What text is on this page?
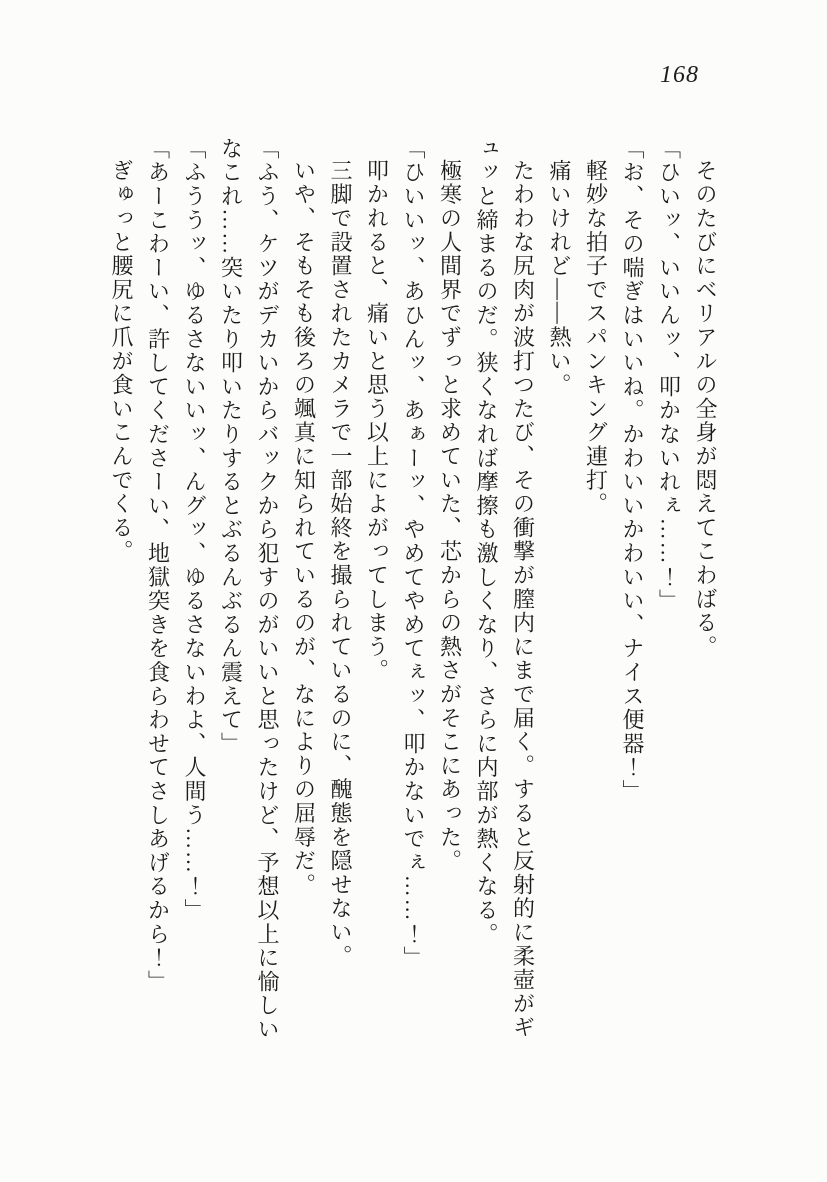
168

そのたびにベリアルの全身が悶えてこわばる。

「ひいッ、いいんッ、叩かないれぇ……！」

「お、その喘ぎはいいね。かわいいかわいい、ナイス便器！」

軽妙な拍子でスパンキング連打。

痛いけれど――熱い。

たわわな尻肉が波打つたび、その衝撃が膣内にまで届く。すると反射的に柔壺がギュッと締まるのだ。狭くなれば摩擦も激しくなり、さらに内部が熱くなる。

極寒の人間界でずっと求めていた、芯からの熱さがそこにあった。

「ひいいッ、あひんッ、あぁーッ、やめてやめてぇッ、叩かないでぇ……！」

叩かれると、痛いと思う以上によがってしまう。

三脚で設置されたカメラで一部始終を撮られているのに、醜態を隠せない。

いや、そもそも後ろの颯真に知られているのが、なによりの屈辱だ。

「ふう、ケツがデカいからバックから犯すのがいいと思ったけど、予想以上に愉しいなこれ……突いたり叩いたりするとぶるんぶるん震えて」

「ふううッ、ゆるさないいッ、んグッ、ゆるさないわよ、人間う……！」

「あーこわーい、許してくださーい、地獄突きを食らわせてさしあげるから！」

ぎゅっと腰尻に爪が食いこんでくる。
